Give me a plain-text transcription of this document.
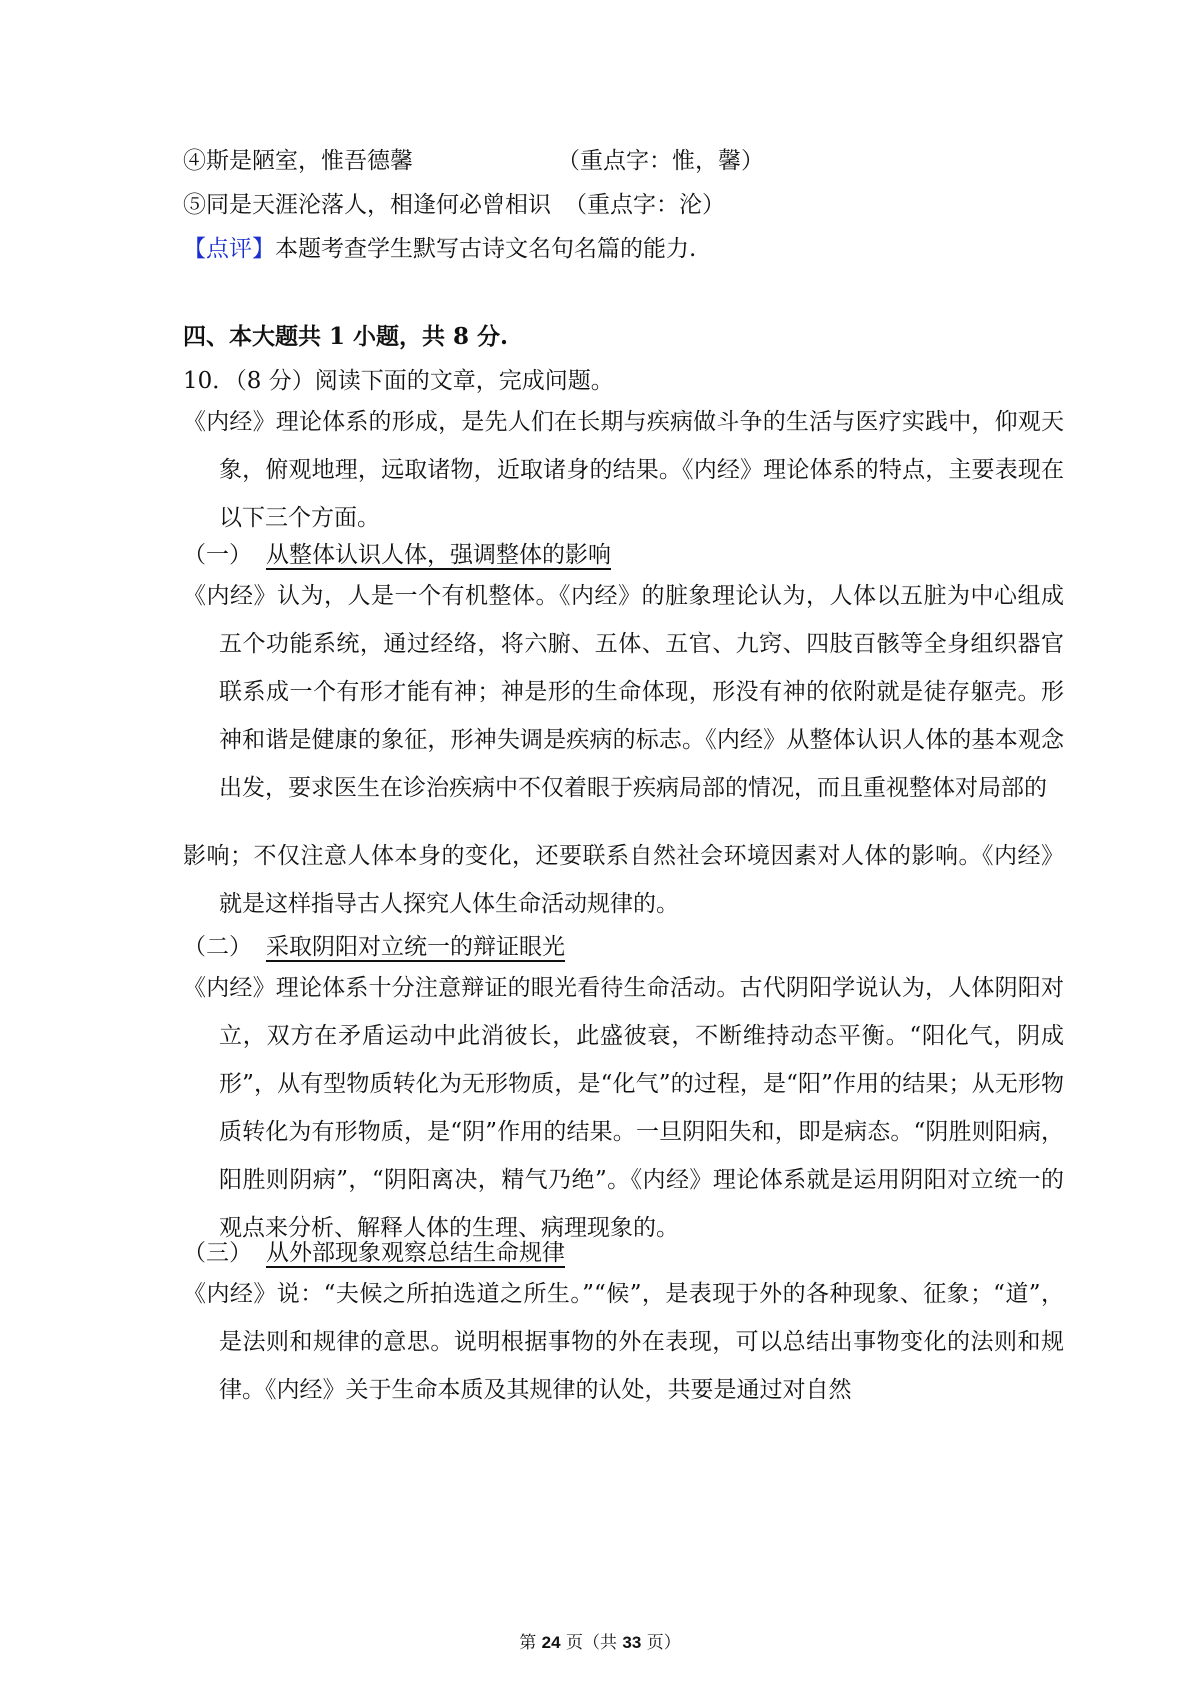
④斯是陋室，惟吾德馨	（重点字：惟，馨）
⑤同是天涯沦落人，相逢何必曾相识 （重点字：沦）
【点评】本题考查学生默写古诗文名句名篇的能力.
四、本大题共 1 小题，共 8 分.
10．（8 分）阅读下面的文章，完成问题。
《内经》理论体系的形成，是先人们在长期与疾病做斗争的生活与医疗实践中，仰观天象，俯观地理，远取诸物，近取诸身的结果。《内经》理论体系的特点，主要表现在以下三个方面。
（一） 从整体认识人体，强调整体的影响
《内经》认为，人是一个有机整体。《内经》的脏象理论认为，人体以五脏为中心组成五个功能系统，通过经络，将六腑、五体、五官、九窍、四肢百骸等全身组织器官联系成一个有形才能有神；神是形的生命体现，形没有神的依附就是徒存躯壳。形神和谐是健康的象征，形神失调是疾病的标志。《内经》从整体认识人体的基本观念出发，要求医生在诊治疾病中不仅着眼于疾病局部的情况，而且重视整体对局部的
影响；不仅注意人体本身的变化，还要联系自然社会环境因素对人体的影响。《内经》就是这样指导古人探究人体生命活动规律的。
（二） 采取阴阳对立统一的辩证眼光
《内经》理论体系十分注意辩证的眼光看待生命活动。古代阴阳学说认为，人体阴阳对立，双方在矛盾运动中此消彼长，此盛彼衰，不断维持动态平衡。“阳化气，阴成形”，从有型物质转化为无形物质，是“化气”的过程，是“阳”作用的结果；从无形物质转化为有形物质，是“阴”作用的结果。一旦阴阳失和，即是病态。“阴胜则阳病，阳胜则阴病”，“阴阳离决，精气乃绝”。《内经》理论体系就是运用阴阳对立统一的观点来分析、解释人体的生理、病理现象的。
（三） 从外部现象观察总结生命规律
《内经》说：“夫候之所拍选道之所生。”“候”，是表现于外的各种现象、征象；“道”，是法则和规律的意思。说明根据事物的外在表现，可以总结出事物变化的法则和规律。《内经》关于生命本质及其规律的认处，共要是通过对自然
第 24 页（共 33 页）
